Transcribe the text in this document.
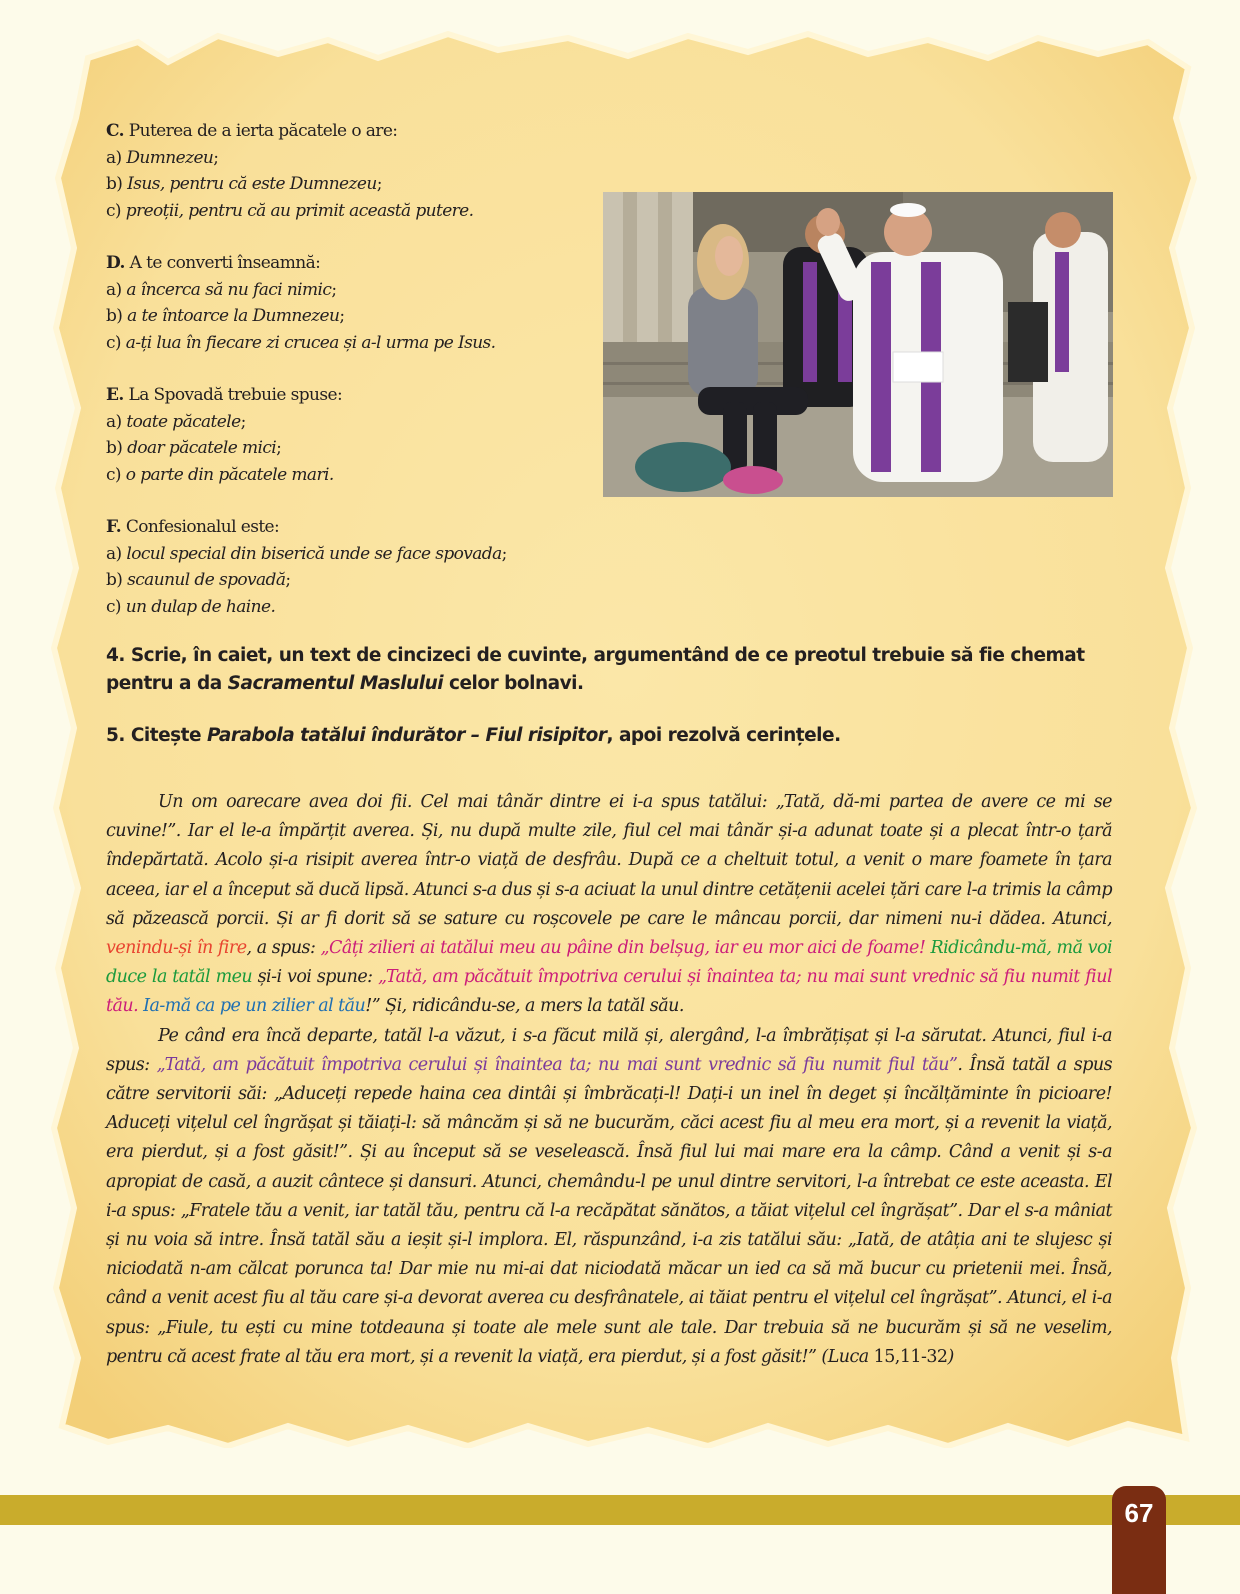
C. Puterea de a ierta păcatele o are:
a) Dumnezeu;
b) Isus, pentru că este Dumnezeu;
c) preoții, pentru că au primit această putere.
D. A te converti înseamnă:
a) a încerca să nu faci nimic;
b) a te întoarce la Dumnezeu;
c) a-ți lua în fiecare zi crucea și a-l urma pe Isus.
E. La Spovadă trebuie spuse:
a) toate păcatele;
b) doar păcatele mici;
c) o parte din păcatele mari.
F. Confesionalul este:
a) locul special din biserică unde se face spovada;
b) scaunul de spovadă;
c) un dulap de haine.
4. Scrie, în caiet, un text de cincizeci de cuvinte, argumentând de ce preotul trebuie să fie chemat pentru a da Sacramentul Maslului celor bolnavi.
5. Citește Parabola tatălui îndurător – Fiul risipitor, apoi rezolvă cerințele.

Un om oarecare avea doi fii. Cel mai tânăr dintre ei i-a spus tatălui: „Tată, dă-mi partea de avere ce mi se cuvine!”. Iar el le-a împărțit averea. Și, nu după multe zile, fiul cel mai tânăr și-a adunat toate și a plecat într-o țară îndepărtată. Acolo și-a risipit averea într-o viață de desfrâu. După ce a cheltuit totul, a venit o mare foamete în țara aceea, iar el a început să ducă lipsă. Atunci s-a dus și s-a aciuat la unul dintre cetățenii acelei țări care l-a trimis la câmp să păzească porcii. Și ar fi dorit să se sature cu roșcovele pe care le mâncau porcii, dar nimeni nu-i dădea. Atunci, venindu-și în fire, a spus: „Câți zilieri ai tatălui meu au pâine din belșug, iar eu mor aici de foame! Ridicându-mă, mă voi duce la tatăl meu și-i voi spune: „Tată, am păcătuit împotriva cerului și înaintea ta; nu mai sunt vrednic să fiu numit fiul tău. Ia-mă ca pe un zilier al tău!” Și, ridicându-se, a mers la tatăl său.

Pe când era încă departe, tatăl l-a văzut, i s-a făcut milă și, alergând, l-a îmbrățișat și l-a sărutat. Atunci, fiul i-a spus: „Tată, am păcătuit împotriva cerului și înaintea ta; nu mai sunt vrednic să fiu numit fiul tău”. Însă tatăl a spus către servitorii săi: „Aduceți repede haina cea dintâi și îmbrăcați-l! Dați-i un inel în deget și încălțăminte în picioare! Aduceți vițelul cel îngrășat și tăiați-l: să mâncăm și să ne bucurăm, căci acest fiu al meu era mort, și a revenit la viață, era pierdut, și a fost găsit!”. Și au început să se veselească. Însă fiul lui mai mare era la câmp. Când a venit și s-a apropiat de casă, a auzit cântece și dansuri. Atunci, chemându-l pe unul dintre servitori, l-a întrebat ce este aceasta. El i-a spus: „Fratele tău a venit, iar tatăl tău, pentru că l-a recăpătat sănătos, a tăiat vițelul cel îngrășat”. Dar el s-a mâniat și nu voia să intre. Însă tatăl său a ieșit și-l implora. El, răspunzând, i-a zis tatălui său: „Iată, de atâția ani te slujesc și niciodată n-am călcat porunca ta! Dar mie nu mi-ai dat niciodată măcar un ied ca să mă bucur cu prietenii mei. Însă, când a venit acest fiu al tău care și-a devorat averea cu desfrânatele, ai tăiat pentru el vițelul cel îngrășat”. Atunci, el i-a spus: „Fiule, tu ești cu mine totdeauna și toate ale mele sunt ale tale. Dar trebuia să ne bucurăm și să ne veselim, pentru că acest frate al tău era mort, și a revenit la viață, era pierdut, și a fost găsit!” (Luca 15,11-32)

67
